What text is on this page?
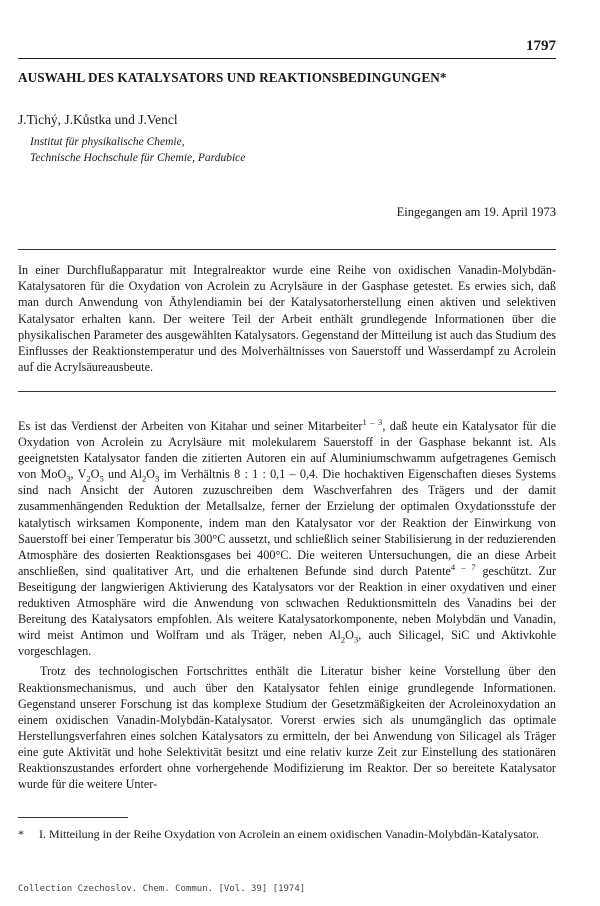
1797
AUSWAHL DES KATALYSATORS UND REAKTIONSBEDINGUNGEN*
J.Tichý, J.Kůstka und J.Vencl
Institut für physikalische Chemie,
Technische Hochschule für Chemie, Pardubice
Eingegangen am 19. April 1973
In einer Durchflußapparatur mit Integralreaktor wurde eine Reihe von oxidischen Vanadin-Molybdän-Katalysatoren für die Oxydation von Acrolein zu Acrylsäure in der Gasphase getestet. Es erwies sich, daß man durch Anwendung von Äthylendiamin bei der Katalysatorherstellung einen aktiven und selektiven Katalysator erhalten kann. Der weitere Teil der Arbeit enthält grundlegende Informationen über die physikalischen Parameter des ausgewählten Katalysators. Gegenstand der Mitteilung ist auch das Studium des Einflusses der Reaktionstemperatur und des Molverhältnisses von Sauerstoff und Wasserdampf zu Acrolein auf die Acrylsäureausbeute.

Es ist das Verdienst der Arbeiten von Kitahar und seiner Mitarbeiter$^{1 - 3}$, daß heute ein Katalysator für die Oxydation von Acrolein zu Acrylsäure mit molekularem Sauerstoff in der Gasphase bekannt ist. Als geeignetsten Katalysator fanden die zitierten Autoren ein auf Aluminiumschwamm aufgetragenes Gemisch von MoO$_3$, $V_2O_5$ und $Al_2O_3$ im Verhältnis 8 : 1 : 0,1 – 0,4. Die hochaktiven Eigenschaften dieses Systems sind nach Ansicht der Autoren zuzuschreiben dem Waschverfahren des Trägers und der damit zusammenhängenden Reduktion der Metallsalze, ferner der Erzielung der optimalen Oxydationsstufe der katalytisch wirksamen Komponente, indem man den Katalysator vor der Reaktion der Einwirkung von Sauerstoff bei einer Temperatur bis 300°C aussetzt, und schließlich seiner Stabilisierung in der reduzierenden Atmosphäre des dosierten Reaktionsgases bei 400°C. Die weiteren Untersuchungen, die an diese Arbeit anschließen, sind qualitativer Art, und die erhaltenen Befunde sind durch Patente$^{4 - 7}$ geschützt. Zur Beseitigung der langwierigen Aktivierung des Katalysators vor der Reaktion in einer oxydativen und einer reduktiven Atmosphäre wird die Anwendung von schwachen Reduktionsmitteln des Vanadins bei der Bereitung des Katalysators empfohlen. Als weitere Katalysatorkomponente, neben Molybdän und Vanadin, wird meist Antimon und Wolfram und als Träger, neben $Al_2O_3$, auch Silicagel, SiC und Aktivkohle vorgeschlagen.

Trotz des technologischen Fortschrittes enthält die Literatur bisher keine Vorstellung über den Reaktionsmechanismus, und auch über den Katalysator fehlen einige grundlegende Informationen. Gegenstand unserer Forschung ist das komplexe Studium der Gesetzmäßigkeiten der Acroleinoxydation an einem oxidischen Vanadin-Molybdän-Katalysator. Vorerst erwies sich als unumgänglich das optimale Herstellungsverfahren eines solchen Katalysators zu ermitteln, der bei Anwendung von Silicagel als Träger eine gute Aktivität und hohe Selektivität besitzt und eine relativ kurze Zeit zur Einstellung des stationären Reaktionszustandes erfordert ohne vorhergehende Modifizierung im Reaktor. Der so bereitete Katalysator wurde für die weitere Unter-

* I. Mitteilung in der Reihe Oxydation von Acrolein an einem oxidischen Vanadin-Molybdän-Katalysator.
Collection Czechoslov. Chem. Commun. [Vol. 39] [1974]
